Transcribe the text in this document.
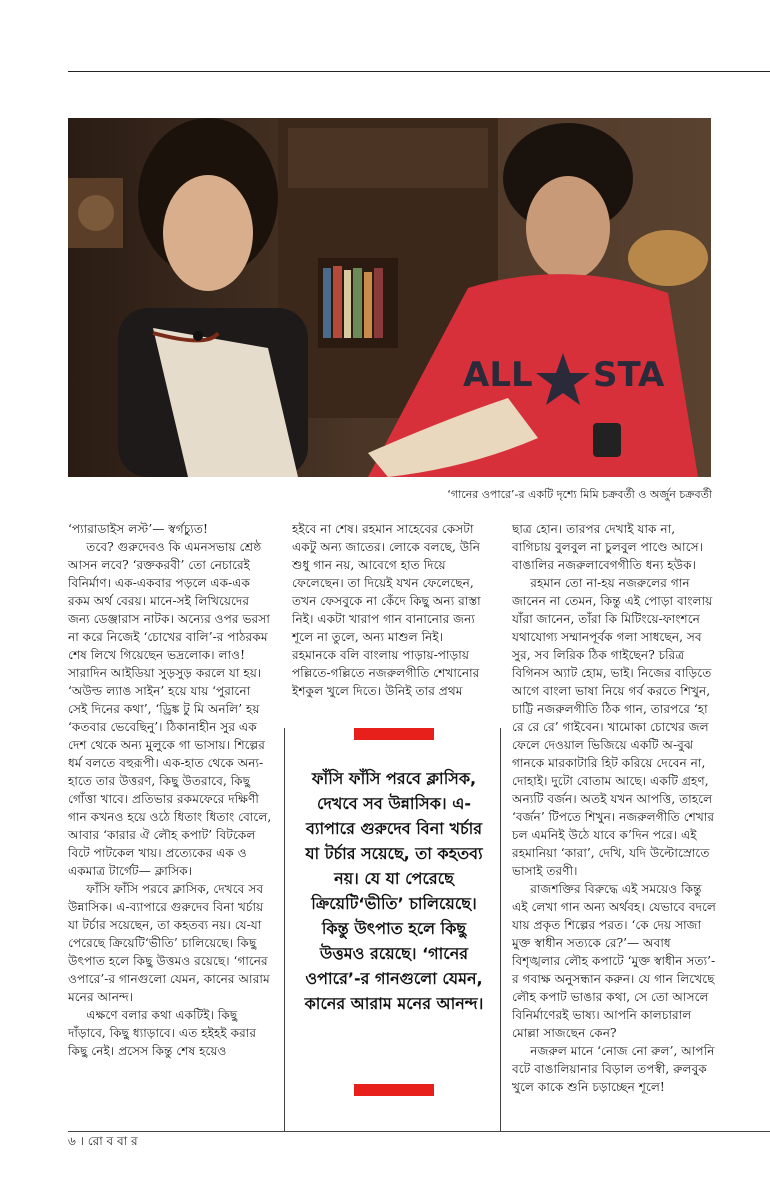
ALL STA
‘গানের ওপারে’-র একটি দৃশ্যে মিমি চক্রবর্তী ও অর্জুন চক্রবর্তী

‘প্যারাডাইস লস্ট’— স্বর্গচ্যুত!

তবে? গুরুদেবও কি এমনসভায় শ্রেষ্ঠ আসন লবে? ‘রক্তকরবী’ তো নেচারেই বিনির্মাণ। এক-একবার পড়লে এক-এক রকম অর্থ বেরয়। মানে-সই লিখিয়েদের জন্য ডেঞ্জারাস নাটক। অন্যের ওপর ভরসা না করে নিজেই ‘চোখের বালি’-র পাঠরকম শেষ লিখে গিয়েছেন ভদ্রলোক। লাও! সারাদিন আইডিয়া সুড়সুড় করলে যা হয়।

‘অউল্ড ল্যাঙ সাইন’ হয়ে যায় ‘পুরানো সেই দিনের কথা’, ‘ড্রিঙ্ক টু মি অনলি’ হয় ‘কতবার ভেবেছিনু’। ঠিকানাহীন সুর এক দেশ থেকে অন্য মুলুকে গা ভাসায়। শিল্পের ধর্ম বলতে বহুরূপী। এক-হাত থেকে অন্য-হাতে তার উত্তরণ, কিছু উতরাবে, কিছু গোঁত্তা খাবে। প্রতিভার রকমফেরে দক্ষিণী গান কখনও হয়ে ওঠে ধিতাং ধিতাং বোলে, আবার ‘কারার ঐ লৌহ কপাট’ বিটকেল বিটে পাটকেল খায়। প্রত্যেকের এক ও একমাত্র টার্গেট— ক্লাসিক।

ফাঁসি ফাঁসি পরবে ক্লাসিক, দেখবে সব উন্নাসিক। এ-ব্যাপারে গুরুদেব বিনা খর্চায় যা টর্চার সয়েছেন, তা কহতব্য নয়। যে-যা পেরেছে ক্রিয়েটি‘ভীতি’ চালিয়েছে। কিছু উৎপাত হলে কিছু উত্তমও রয়েছে। ‘গানের ওপারে’-র গানগুলো যেমন, কানের আরাম মনের আনন্দ।

এক্ষণে বলার কথা একটিই। কিছু দাঁড়াবে, কিছু ধ্যাড়াবে। এত হইহই করার কিছু নেই। প্রসেস কিন্তু শেষ হয়েও

হইবে না শেষ। রহমান সাহেবের কেসটা একটু অন্য জাতের। লোকে বলছে, উনি শুধু গান নয়, আবেগে হাত দিয়ে ফেলেছেন। তা দিয়েই যখন ফেলেছেন, তখন ফেসবুকে না কেঁদে কিছু অন্য রাস্তা নিই। একটা খারাপ গান বানানোর জন্য শূলে না তুলে, অন্য মাশুল নিই। রহমানকে বলি বাংলায় পাড়ায়-পাড়ায় পল্লিতে-গল্লিতে নজরুলগীতি শেখানোর ইশকুল খুলে দিতে। উনিই তার প্রথম

ফাঁসি ফাঁসি পরবে ক্লাসিক, দেখবে সব উন্নাসিক। এ-ব্যাপারে গুরুদেব বিনা খর্চার যা টর্চার সয়েছে, তা কহতব্য নয়। যে যা পেরেছে ক্রিয়েটি‘ভীতি’ চালিয়েছে। কিন্তু উৎপাত হলে কিছু উত্তমও রয়েছে। ‘গানের ওপারে’-র গানগুলো যেমন, কানের আরাম মনের আনন্দ।

ছাত্র হোন। তারপর দেখাই যাক না, বাগিচায় বুলবুল না চুলবুল পাণ্ডে আসে। বাঙালির নজরুলাবেগগীতি ধন্য হউক।

রহমান তো না-হয় নজরুলের গান জানেন না তেমন, কিন্তু এই পোড়া বাংলায় যাঁরা জানেন, তাঁরা কি মিটিংয়ে-ফাংশনে যথাযোগ্য সম্মানপূর্বক গলা সাধছেন, সব সুর, সব লিরিক ঠিক গাইছেন? চরিত্র বিগিনস অ্যাট হোম, ভাই। নিজের বাড়িতে আগে বাংলা ভাষা নিয়ে গর্ব করতে শিখুন, চাট্টি নজরুলগীতি ঠিক গান, তারপরে ‘হা রে রে রে’ গাইবেন। খামোকা চোখের জল ফেলে দেওয়াল ভিজিয়ে একটি অ-বুঝ গানকে মারকাটারি হিট করিয়ে দেবেন না, দোহাই। দুটো বোতাম আছে। একটি গ্রহণ, অন্যটি বর্জন। অতই যখন আপত্তি, তাহলে ‘বর্জন’ টিপতে শিখুন। নজরুলগীতি শেখার চল এমনিই উঠে যাবে ক’দিন পরে। এই রহমানিয়া ‘কারা’, দেখি, যদি উল্টোস্রোতে ভাসাই তরণী।

রাজশক্তির বিরুদ্ধে এই সময়েও কিন্তু এই লেখা গান অন্য অর্থবহ। যেভাবে বদলে যায় প্রকৃত শিল্পের পরত। ‘কে দেয় সাজা মুক্ত স্বাধীন সত্যকে রে?’— অবাধ বিশৃঙ্খলার লৌহ কপাটে ‘মুক্ত স্বাধীন সত্য’-র গবাক্ষ অনুসন্ধান করুন। যে গান লিখেছে লৌহ কপাট ভাঙার কথা, সে তো আসলে বিনির্মাণেরই ভাষ্য। আপনি কালচারাল মোল্লা সাজছেন কেন?

নজরুল মানে ‘নোজ নো রুল’, আপনি বটে বাঙালিয়ানার বিড়াল তপস্বী, রুলবুক খুলে কাকে শুনি চড়াচ্ছেন শূলে!

৬ । রো ব বা র
